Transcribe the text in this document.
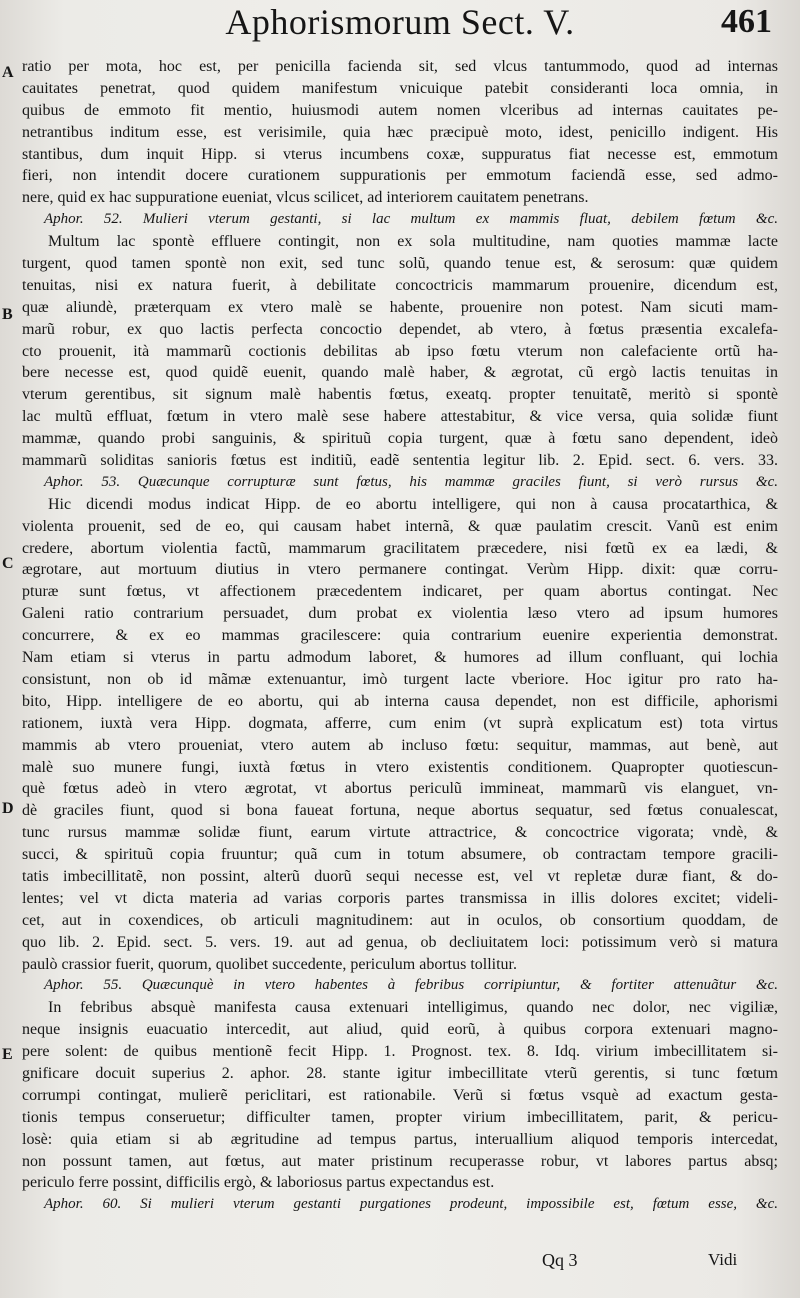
Aphorismorum Sect. V.	461
A
B
C
D
E
ratio per mota, hoc est, per penicilla facienda sit, sed vlcus tantummodo, quod ad internas
cauitates penetrat, quod quidem manifestum vnicuique patebit consideranti loca omnia, in
quibus de emmoto fit mentio, huiusmodi autem nomen vlceribus ad internas cauitates pe-
netrantibus inditum esse, est verisimile, quia hæc præcipuè moto, idest, penicillo indigent. His
stantibus, dum inquit Hipp. si vterus incumbens coxæ, suppuratus fiat necesse est, emmotum
fieri, non intendit docere curationem suppurationis per emmotum faciendã esse, sed admo-
nere, quid ex hac suppuratione eueniat, vlcus scilicet, ad interiorem cauitatem penetrans.
Aphor. 52. Mulieri vterum gestanti, si lac multum ex mammis fluat, debilem fœtum &c.
Multum lac spontè effluere contingit, non ex sola multitudine, nam quoties mammæ lacte
turgent, quod tamen spontè non exit, sed tunc solũ, quando tenue est, & serosum: quæ quidem
tenuitas, nisi ex natura fuerit, à debilitate concoctricis mammarum prouenire, dicendum est,
quæ aliundè, præterquam ex vtero malè se habente, prouenire non potest. Nam sicuti mam-
marũ robur, ex quo lactis perfecta concoctio dependet, ab vtero, à fœtus præsentia excalefa-
cto prouenit, ità mammarũ coctionis debilitas ab ipso fœtu vterum non calefaciente ortũ ha-
bere necesse est, quod quidẽ euenit, quando malè haber, & ægrotat, cũ ergò lactis tenuitas in
vterum gerentibus, sit signum malè habentis fœtus, exeatq. propter tenuitatẽ, meritò si spontè
lac multũ effluat, fœtum in vtero malè sese habere attestabitur, & vice versa, quia solidæ fiunt
mammæ, quando probi sanguinis, & spirituũ copia turgent, quæ à fœtu sano dependent, ideò
mammarũ soliditas sanioris fœtus est inditiũ, eadẽ sententia legitur lib. 2. Epid. sect. 6. vers. 33.
Aphor. 53. Quæcunque corrupturæ sunt fœtus, his mammæ graciles fiunt, si verò rursus &c.
Hic dicendi modus indicat Hipp. de eo abortu intelligere, qui non à causa procatarthica, &
violenta prouenit, sed de eo, qui causam habet internã, & quæ paulatim crescit. Vanũ est enim
credere, abortum violentia factũ, mammarum gracilitatem præcedere, nisi fœtũ ex ea lædi, &
ægrotare, aut mortuum diutius in vtero permanere contingat. Verùm Hipp. dixit: quæ corru-
pturæ sunt fœtus, vt affectionem præcedentem indicaret, per quam abortus contingat. Nec
Galeni ratio contrarium persuadet, dum probat ex violentia læso vtero ad ipsum humores
concurrere, & ex eo mammas gracilescere: quia contrarium euenire experientia demonstrat.
Nam etiam si vterus in partu admodum laboret, & humores ad illum confluant, qui lochia
consistunt, non ob id mãmæ extenuantur, imò turgent lacte vberiore. Hoc igitur pro rato ha-
bito, Hipp. intelligere de eo abortu, qui ab interna causa dependet, non est difficile, aphorismi
rationem, iuxtà vera Hipp. dogmata, afferre, cum enim (vt suprà explicatum est) tota virtus
mammis ab vtero proueniat, vtero autem ab incluso fœtu: sequitur, mammas, aut benè, aut
malè suo munere fungi, iuxtà fœtus in vtero existentis conditionem. Quapropter quotiescun-
què fœtus adeò in vtero ægrotat, vt abortus periculũ immineat, mammarũ vis elanguet, vn-
dè graciles fiunt, quod si bona faueat fortuna, neque abortus sequatur, sed fœtus conualescat,
tunc rursus mammæ solidæ fiunt, earum virtute attractrice, & concoctrice vigorata; vndè, &
succi, & spirituũ copia fruuntur; quã cum in totum absumere, ob contractam tempore gracili-
tatis imbecillitatẽ, non possint, alterũ duorũ sequi necesse est, vel vt repletæ duræ fiant, & do-
lentes; vel vt dicta materia ad varias corporis partes transmissa in illis dolores excitet; videli-
cet, aut in coxendices, ob articuli magnitudinem: aut in oculos, ob consortium quoddam, de
quo lib. 2. Epid. sect. 5. vers. 19. aut ad genua, ob decliuitatem loci: potissimum verò si matura
paulò crassior fuerit, quorum, quolibet succedente, periculum abortus tollitur.
Aphor. 55. Quæcunquè in vtero habentes à febribus corripiuntur, & fortiter attenuãtur &c.
In febribus absquè manifesta causa extenuari intelligimus, quando nec dolor, nec vigiliæ,
neque insignis euacuatio intercedit, aut aliud, quid eorũ, à quibus corpora extenuari magno-
pere solent: de quibus mentionẽ fecit Hipp. 1. Prognost. tex. 8. Idq. virium imbecillitatem si-
gnificare docuit superius 2. aphor. 28. stante igitur imbecillitate vterũ gerentis, si tunc fœtum
corrumpi contingat, mulierẽ periclitari, est rationabile. Verũ si fœtus vsquè ad exactum gesta-
tionis tempus conseruetur; difficulter tamen, propter virium imbecillitatem, parit, & pericu-
losè: quia etiam si ab ægritudine ad tempus partus, interuallium aliquod temporis intercedat,
non possunt tamen, aut fœtus, aut mater pristinum recuperasse robur, vt labores partus absq;
periculo ferre possint, difficilis ergò, & laboriosus partus expectandus est.
Aphor. 60. Si mulieri vterum gestanti purgationes prodeunt, impossibile est, fœtum esse, &c.
Qq 3	Vidi
